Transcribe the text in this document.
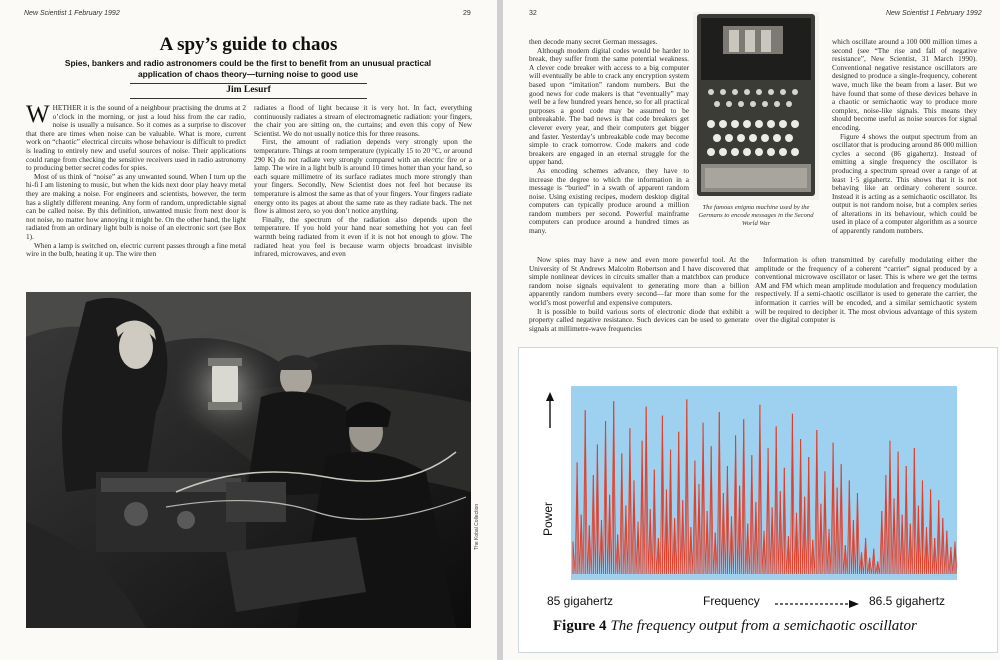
New Scientist 1 February 1992	29
A spy’s guide to chaos
Spies, bankers and radio astronomers could be the first to benefit from an unusual practical application of chaos theory—turning noise to good use
Jim Lesurf

WHETHER it is the sound of a neighbour practising the drums at 2 o’clock in the morning, or just a loud hiss from the car radio, noise is usually a nuisance. So it comes as a surprise to discover that there are times when noise can be valuable. What is more, current work on “chaotic” electrical circuits whose behaviour is difficult to predict is leading to entirely new and useful sources of noise. Their applications could range from checking the sensitive receivers used in radio astronomy to producing better secret codes for spies.

Most of us think of “noise” as any unwanted sound. When I turn up the hi-fi I am listening to music, but when the kids next door play heavy metal they are making a noise. For engineers and scientists, however, the term has a slightly different meaning. Any form of random, unpredictable signal can be called noise. By this definition, unwanted music from next door is not noise, no matter how annoying it might be. On the other hand, the light radiated from an ordinary light bulb is noise of an electronic sort (see Box 1).

When a lamp is switched on, electric current passes through a fine metal wire in the bulb, heating it up. The wire then

radiates a flood of light because it is very hot. In fact, everything continuously radiates a stream of electromagnetic radiation: your fingers, the chair you are sitting on, the curtains; and even this copy of New Scientist. We do not usually notice this for three reasons.

First, the amount of radiation depends very strongly upon the temperature. Things at room temperature (typically 15 to 20 °C, or around 290 K) do not radiate very strongly compared with an electric fire or a lamp. The wire in a light bulb is around 10 times hotter than your hand, so each square millimetre of its surface radiates much more strongly than your fingers. Secondly, New Scientist does not feel hot because its temperature is almost the same as that of your fingers. Your fingers radiate energy onto its pages at about the same rate as they radiate back. The net flow is almost zero, so you don’t notice anything.

Finally, the spectrum of the radiation also depends upon the temperature. If you hold your hand near something hot you can feel warmth being radiated from it even if it is not hot enough to glow. The radiated heat you feel is because warm objects broadcast invisible infrared, microwaves, and even

The Kobal Collection
32	New Scientist 1 February 1992

then decode many secret German messages.

Although modern digital codes would be harder to break, they suffer from the same potential weakness. A clever code breaker with access to a big computer will eventually be able to crack any encryption system based upon “imitation” random numbers. But the good news for code makers is that “eventually” may well be a few hundred years hence, so for all practical purposes a good code may be assumed to be unbreakable. The bad news is that code breakers get cleverer every year, and their computers get bigger and faster. Yesterday’s unbreakable code may become simple to crack tomorrow. Code makers and code breakers are engaged in an eternal struggle for the upper hand.

As encoding schemes advance, they have to increase the degree to which the information in a message is “buried” in a swath of apparent random noise. Using existing recipes, modern desktop digital computers can typically produce around a million random numbers per second. Powerful mainframe computers can produce around a hundred times as many.

Now spies may have a new and even more powerful tool. At the University of St Andrews Malcolm Robertson and I have discovered that simple nonlinear devices in circuits smaller than a matchbox can produce random noise signals equivalent to generating more than a billion apparently random numbers every second—far more than some for the world’s most powerful and expensive computers.

It is possible to build various sorts of electronic diode that exhibit a property called negative resistance. Such devices can be used to generate signals at millimetre-wave frequencies

The famous enigma machine used by the Germans to encode messages in the Second World War

which oscillate around a 100 000 million times a second (see “The rise and fall of negative resistance”, New Scientist, 31 March 1990). Conventional negative resistance oscillators are designed to produce a single-frequency, coherent wave, much like the beam from a laser. But we have found that some of these devices behave in a chaotic or semichaotic way to produce more complex, noise-like signals. This means they should become useful as noise sources for signal encoding.

Figure 4 shows the output spectrum from an oscillator that is producing around 86 000 million cycles a second (86 gigahertz). Instead of emitting a single frequency the oscillator is producing a spectrum spread over a range of at least 1·5 gigahertz. This shows that it is not behaving like an ordinary coherent source. Instead it is acting as a semichaotic oscillator. Its output is not random noise, but a complex series of alterations in its behaviour, which could be used in place of a computer algorithm as a source of apparently random numbers.

Information is often transmitted by carefully modulating either the amplitude or the frequency of a coherent “carrier” signal produced by a conventional microwave oscillator or laser. This is where we get the terms AM and FM which mean amplitude modulation and frequency modulation respectively. If a semi-chaotic oscillator is used to generate the carrier, the information it carries will be encoded, and a similar semichaotic system will be required to decipher it. The most obvious advantage of this system over the digital computer is

Power
85 gigahertz	Frequency	86.5 gigahertz
Figure 4 The frequency output from a semichaotic oscillator
